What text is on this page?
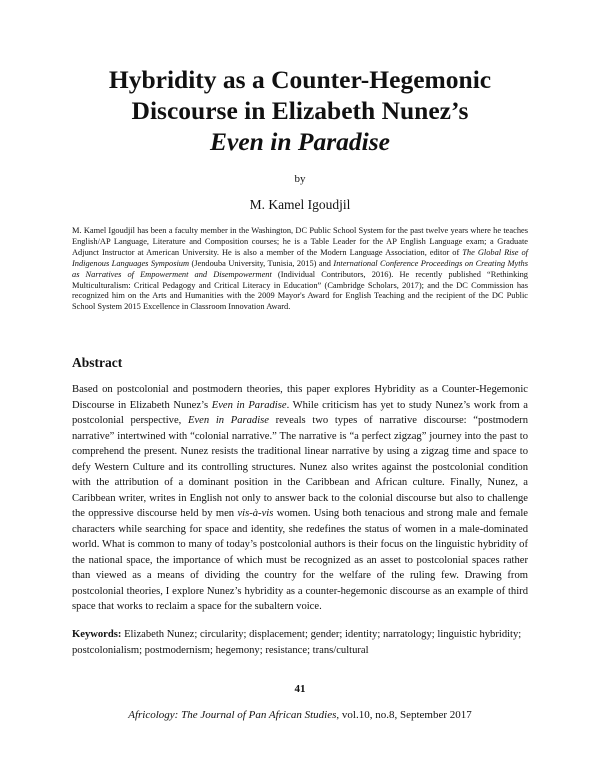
Hybridity as a Counter-Hegemonic
Discourse in Elizabeth Nunez’s
Even in Paradise
by
M. Kamel Igoudjil

M. Kamel Igoudjil has been a faculty member in the Washington, DC Public School System for the past twelve years where he teaches English/AP Language, Literature and Composition courses; he is a Table Leader for the AP English Language exam; a Graduate Adjunct Instructor at American University. He is also a member of the Modern Language Association, editor of The Global Rise of Indigenous Languages Symposium (Jendouba University, Tunisia, 2015) and International Conference Proceedings on Creating Myths as Narratives of Empowerment and Disempowerment (Individual Contributors, 2016). He recently published “Rethinking Multiculturalism: Critical Pedagogy and Critical Literacy in Education” (Cambridge Scholars, 2017); and the DC Commission has recognized him on the Arts and Humanities with the 2009 Mayor's Award for English Teaching and the recipient of the DC Public School System 2015 Excellence in Classroom Innovation Award.

Abstract

Based on postcolonial and postmodern theories, this paper explores Hybridity as a Counter-Hegemonic Discourse in Elizabeth Nunez’s Even in Paradise. While criticism has yet to study Nunez’s work from a postcolonial perspective, Even in Paradise reveals two types of narrative discourse: “postmodern narrative” intertwined with “colonial narrative.” The narrative is “a perfect zigzag” journey into the past to comprehend the present. Nunez resists the traditional linear narrative by using a zigzag time and space to defy Western Culture and its controlling structures. Nunez also writes against the postcolonial condition with the attribution of a dominant position in the Caribbean and African culture. Finally, Nunez, a Caribbean writer, writes in English not only to answer back to the colonial discourse but also to challenge the oppressive discourse held by men vis-à-vis women. Using both tenacious and strong male and female characters while searching for space and identity, she redefines the status of women in a male-dominated world. What is common to many of today’s postcolonial authors is their focus on the linguistic hybridity of the national space, the importance of which must be recognized as an asset to postcolonial spaces rather than viewed as a means of dividing the country for the welfare of the ruling few. Drawing from postcolonial theories, I explore Nunez’s hybridity as a counter-hegemonic discourse as an example of third space that works to reclaim a space for the subaltern voice.

Keywords: Elizabeth Nunez; circularity; displacement; gender; identity; narratology; linguistic hybridity; postcolonialism; postmodernism; hegemony; resistance; trans/cultural

41
Africology: The Journal of Pan African Studies, vol.10, no.8, September 2017
